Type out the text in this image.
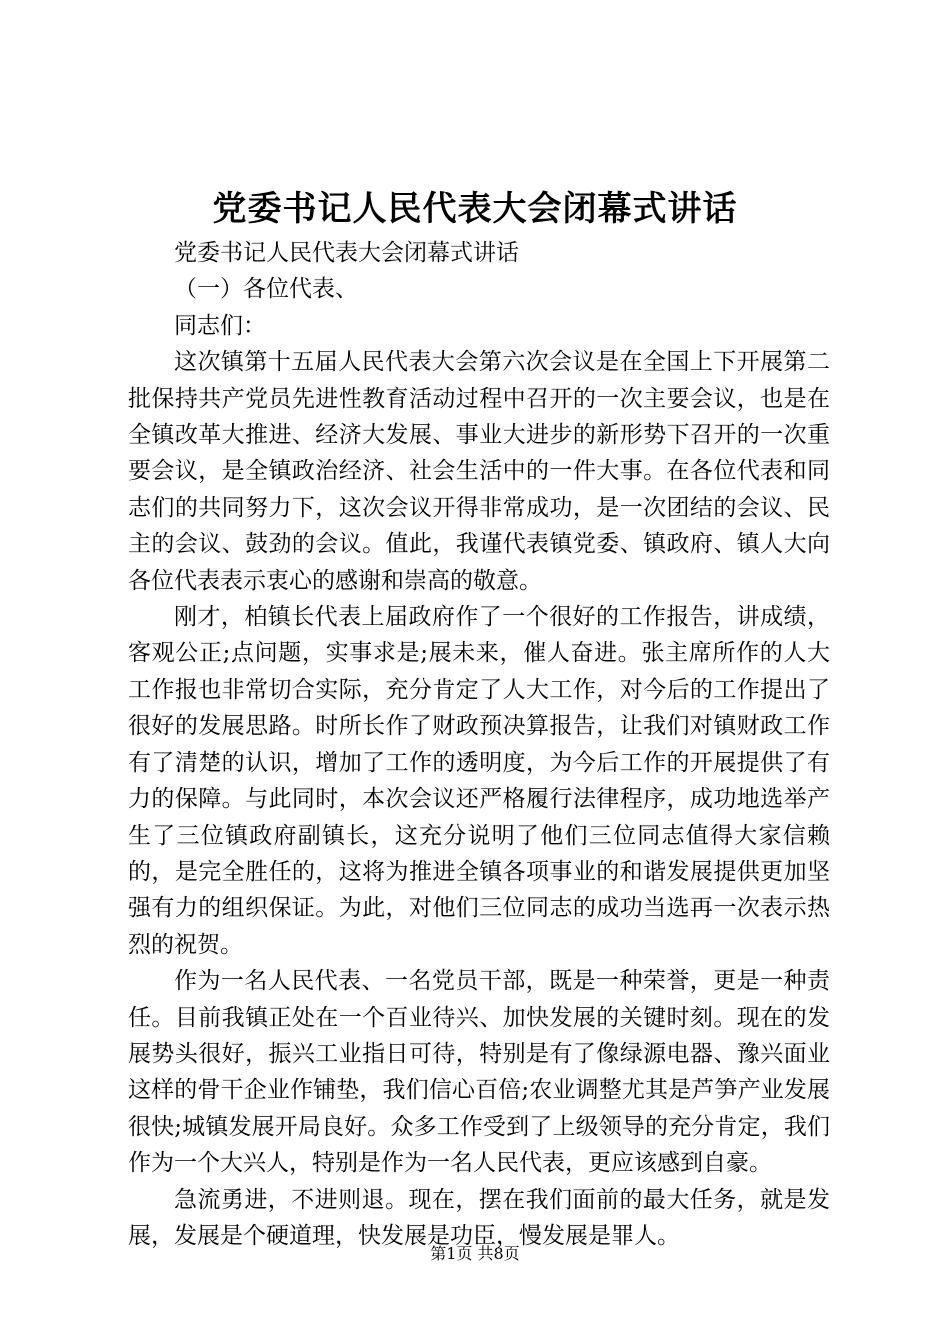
党委书记人民代表大会闭幕式讲话

党委书记人民代表大会闭幕式讲话

（一）各位代表、

同志们：

这次镇第十五届人民代表大会第六次会议是在全国上下开展第二批保持共产党员先进性教育活动过程中召开的一次主要会议，也是在全镇改革大推进、经济大发展、事业大进步的新形势下召开的一次重要会议，是全镇政治经济、社会生活中的一件大事。在各位代表和同志们的共同努力下，这次会议开得非常成功，是一次团结的会议、民主的会议、鼓劲的会议。值此，我谨代表镇党委、镇政府、镇人大向各位代表表示衷心的感谢和崇高的敬意。

刚才，柏镇长代表上届政府作了一个很好的工作报告，讲成绩，客观公正;点问题，实事求是;展未来，催人奋进。张主席所作的人大工作报也非常切合实际，充分肯定了人大工作，对今后的工作提出了很好的发展思路。时所长作了财政预决算报告，让我们对镇财政工作有了清楚的认识，增加了工作的透明度，为今后工作的开展提供了有力的保障。与此同时，本次会议还严格履行法律程序，成功地选举产生了三位镇政府副镇长，这充分说明了他们三位同志值得大家信赖的，是完全胜任的，这将为推进全镇各项事业的和谐发展提供更加坚强有力的组织保证。为此，对他们三位同志的成功当选再一次表示热烈的祝贺。

作为一名人民代表、一名党员干部，既是一种荣誉，更是一种责任。目前我镇正处在一个百业待兴、加快发展的关键时刻。现在的发展势头很好，振兴工业指日可待，特别是有了像绿源电器、豫兴面业这样的骨干企业作铺垫，我们信心百倍;农业调整尤其是芦笋产业发展很快;城镇发展开局良好。众多工作受到了上级领导的充分肯定，我们作为一个大兴人，特别是作为一名人民代表，更应该感到自豪。

急流勇进，不进则退。现在，摆在我们面前的最大任务，就是发展，发展是个硬道理，快发展是功臣，慢发展是罪人。

第1页 共8页
